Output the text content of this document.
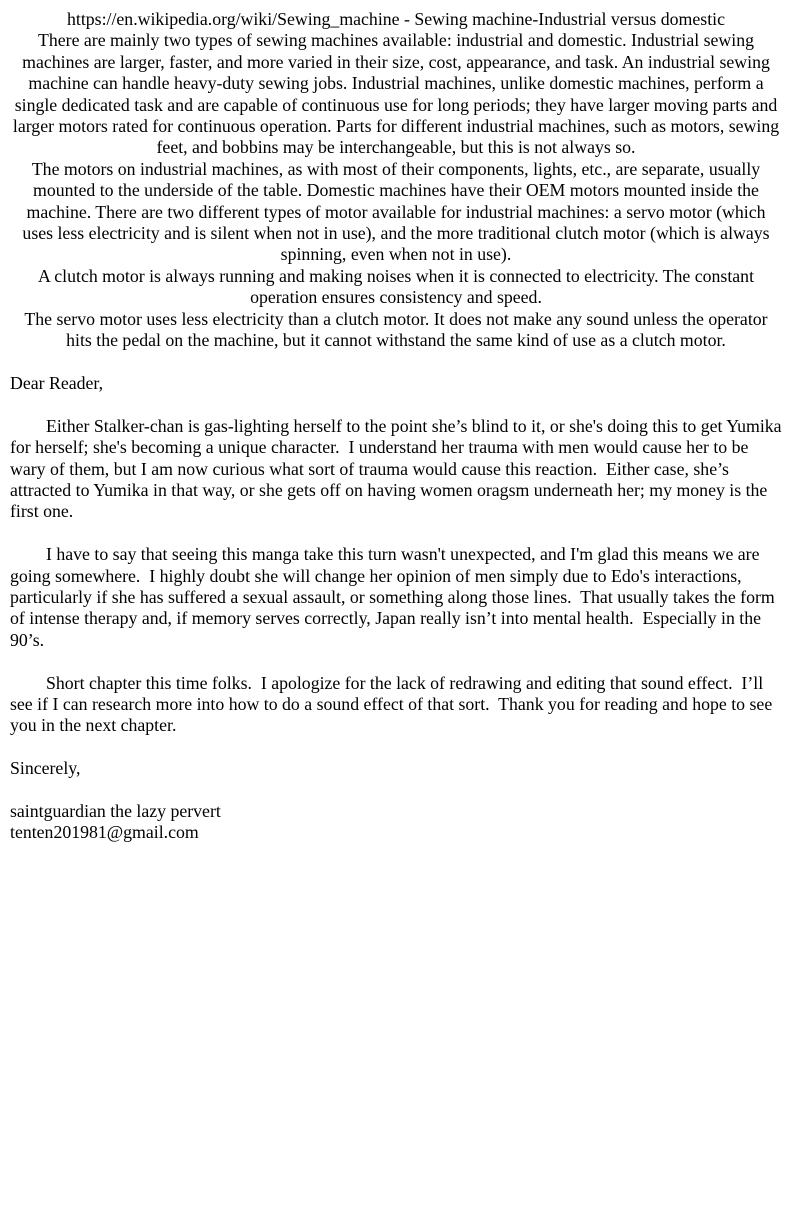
https://en.wikipedia.org/wiki/Sewing_machine - Sewing machine-Industrial versus domestic

There are mainly two types of sewing machines available: industrial and domestic. Industrial sewing machines are larger, faster, and more varied in their size, cost, appearance, and task. An industrial sewing machine can handle heavy-duty sewing jobs. Industrial machines, unlike domestic machines, perform a single dedicated task and are capable of continuous use for long periods; they have larger moving parts and larger motors rated for continuous operation. Parts for different industrial machines, such as motors, sewing feet, and bobbins may be interchangeable, but this is not always so.

The motors on industrial machines, as with most of their components, lights, etc., are separate, usually mounted to the underside of the table. Domestic machines have their OEM motors mounted inside the machine. There are two different types of motor available for industrial machines: a servo motor (which uses less electricity and is silent when not in use), and the more traditional clutch motor (which is always spinning, even when not in use).

A clutch motor is always running and making noises when it is connected to electricity. The constant operation ensures consistency and speed.

The servo motor uses less electricity than a clutch motor. It does not make any sound unless the operator hits the pedal on the machine, but it cannot withstand the same kind of use as a clutch motor.

Dear Reader,

Either Stalker-chan is gas-lighting herself to the point she’s blind to it, or she's doing this to get Yumika for herself; she's becoming a unique character.  I understand her trauma with men would cause her to be wary of them, but I am now curious what sort of trauma would cause this reaction.  Either case, she’s attracted to Yumika in that way, or she gets off on having women oragsm underneath her; my money is the first one.

I have to say that seeing this manga take this turn wasn't unexpected, and I'm glad this means we are going somewhere.  I highly doubt she will change her opinion of men simply due to Edo's interactions, particularly if she has suffered a sexual assault, or something along those lines.  That usually takes the form of intense therapy and, if memory serves correctly, Japan really isn’t into mental health.  Especially in the 90’s.

Short chapter this time folks.  I apologize for the lack of redrawing and editing that sound effect.  I’ll see if I can research more into how to do a sound effect of that sort.  Thank you for reading and hope to see you in the next chapter.

Sincerely,

saintguardian the lazy pervert

tenten201981@gmail.com
